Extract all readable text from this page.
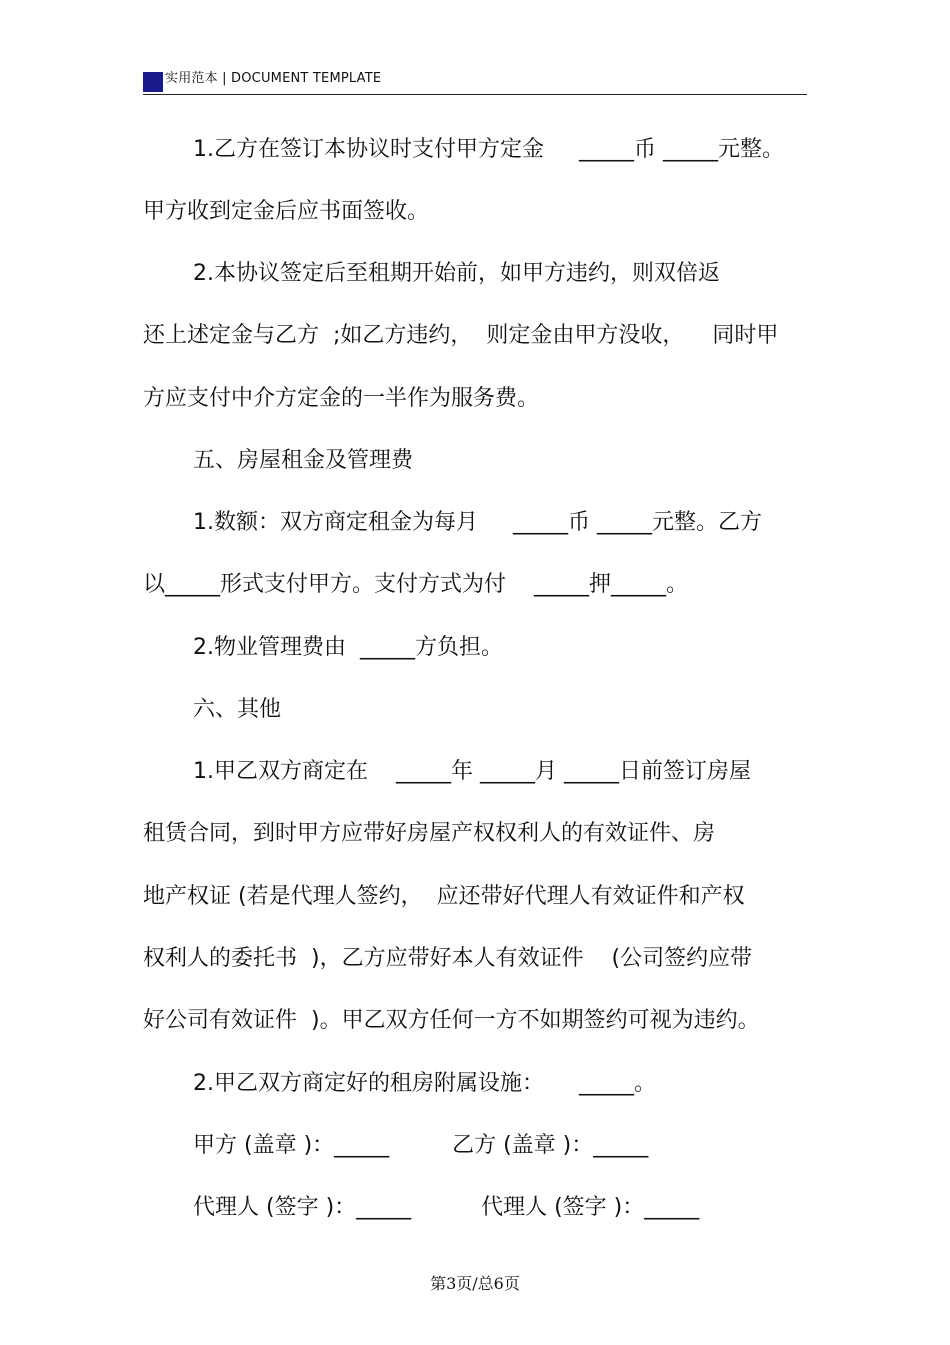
实用范本 | DOCUMENT TEMPLATE
1.乙方在签订本协议时支付甲方定金     _____币 _____元整。
甲方收到定金后应书面签收。
2.本协议签定后至租期开始前，如甲方违约，则双倍返
还上述定金与乙方  ;如乙方违约，  则定金由甲方没收，    同时甲
方应支付中介方定金的一半作为服务费。
五、房屋租金及管理费
1.数额：双方商定租金为每月     _____币 _____元整。乙方
以_____形式支付甲方。支付方式为付    _____押_____。
2.物业管理费由  _____方负担。
六、其他
1.甲乙双方商定在    _____年 _____月 _____日前签订房屋
租赁合同，到时甲方应带好房屋产权权利人的有效证件、房
地产权证 (若是代理人签约，  应还带好代理人有效证件和产权
权利人的委托书  )，乙方应带好本人有效证件    (公司签约应带
好公司有效证件  )。甲乙双方任何一方不如期签约可视为违约。
2.甲乙双方商定好的租房附属设施：     _____。
甲方 (盖章 )：_____         乙方 (盖章 )：_____
代理人 (签字 )：_____          代理人 (签字 )：_____
第3页/总6页
